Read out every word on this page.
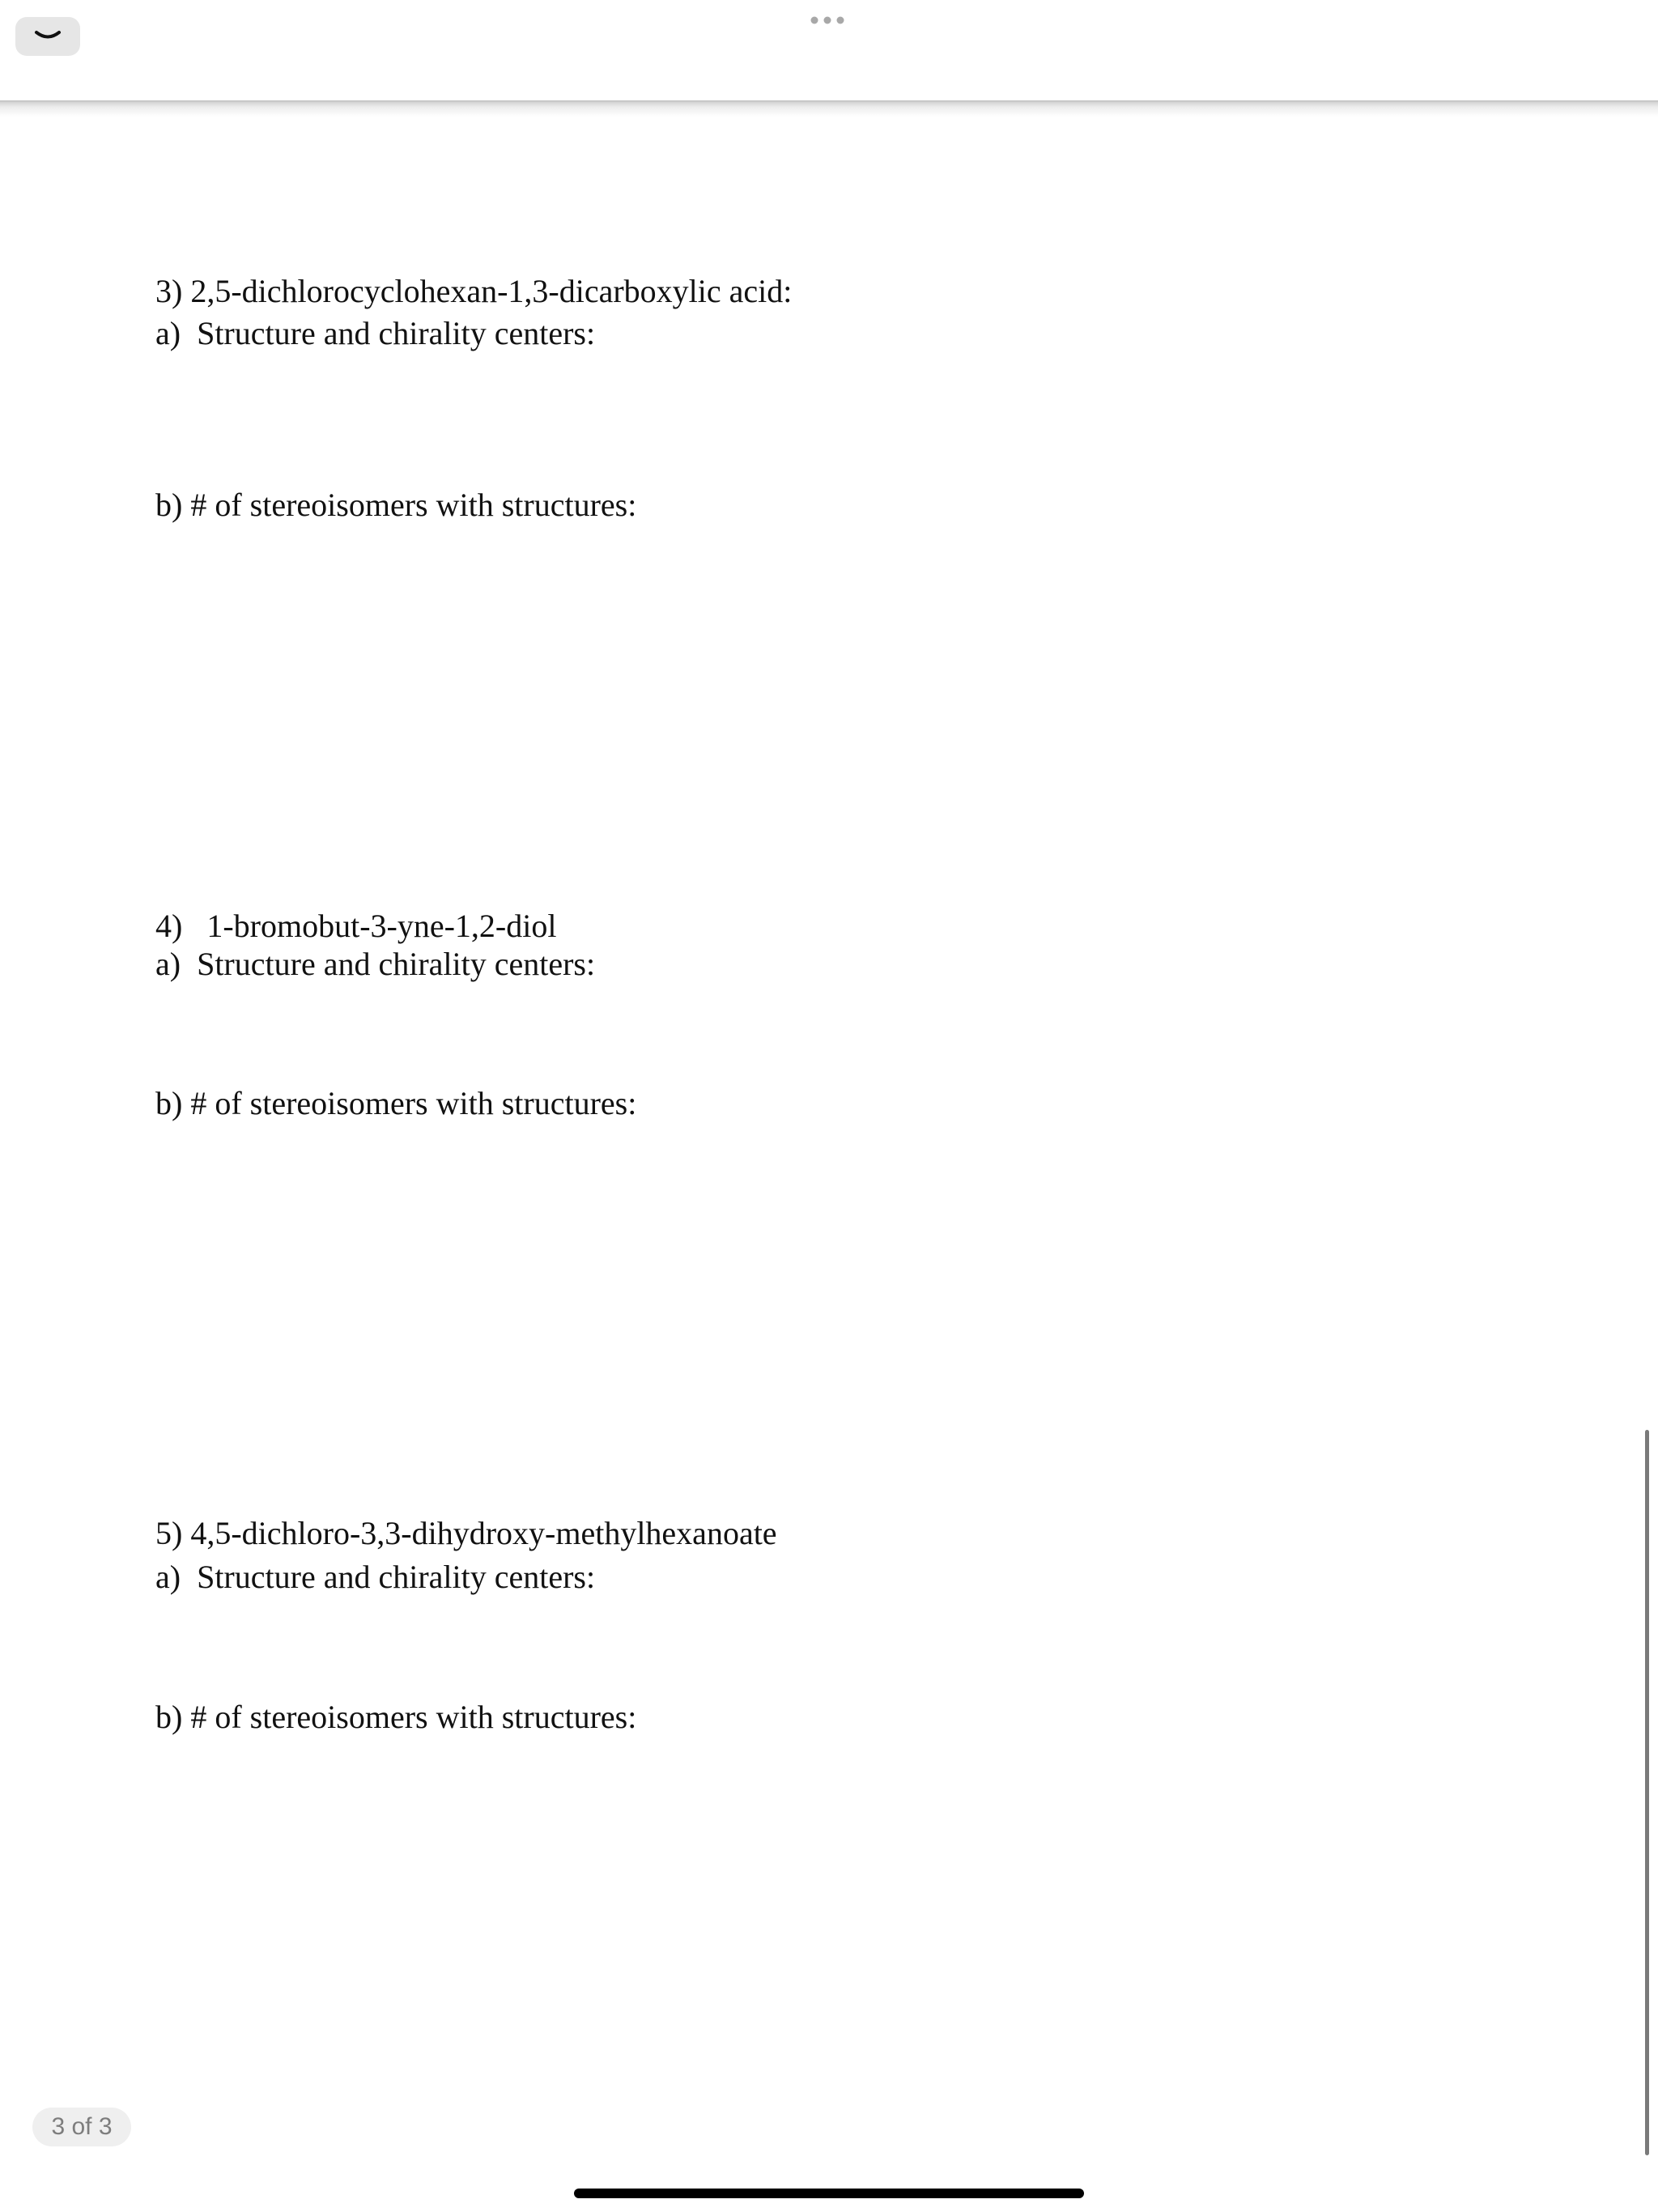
3) 2,5-dichlorocyclohexan-1,3-dicarboxylic acid:

a)  Structure and chirality centers:

b) # of stereoisomers with structures:

4)   1-bromobut-3-yne-1,2-diol

a)  Structure and chirality centers:

b) # of stereoisomers with structures:

5) 4,5-dichloro-3,3-dihydroxy-methylhexanoate

a)  Structure and chirality centers:

b) # of stereoisomers with structures:

3 of 3
